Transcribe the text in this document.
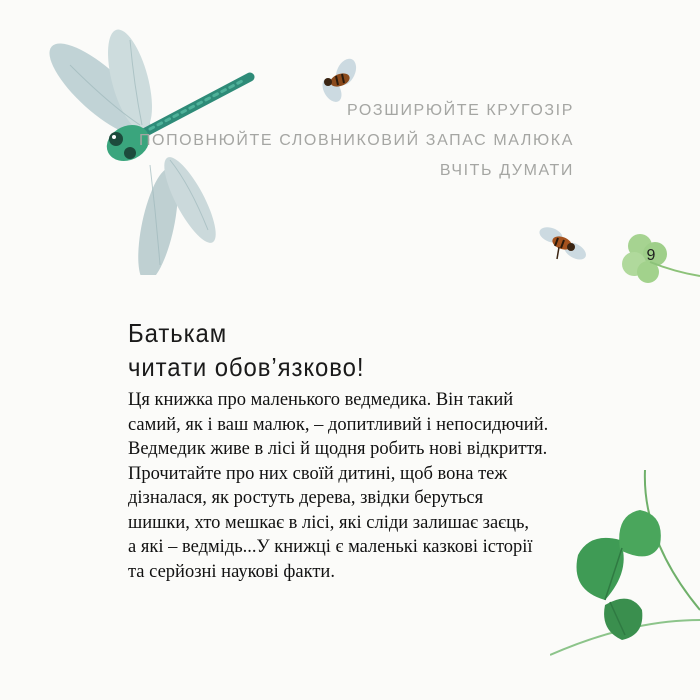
9
РОЗШИРЮЙТЕ КРУГОЗІР
ПОПОВНЮЙТЕ СЛОВНИКОВИЙ ЗАПАС МАЛЮКА
ВЧІТЬ ДУМАТИ
Батькам
читати обов’язково!
Ця книжка про маленького ведмедика. Він такий
самий, як і ваш малюк, – допитливий і непосидючий.
Ведмедик живе в лісі й щодня робить нові відкриття.
Прочитайте про них своїй дитині, щоб вона теж
дізналася, як ростуть дерева, звідки беруться
шишки, хто мешкає в лісі, які сліди залишає заєць,
а які – ведмідь...У книжці є маленькі казкові історії
та серйозні наукові факти.
